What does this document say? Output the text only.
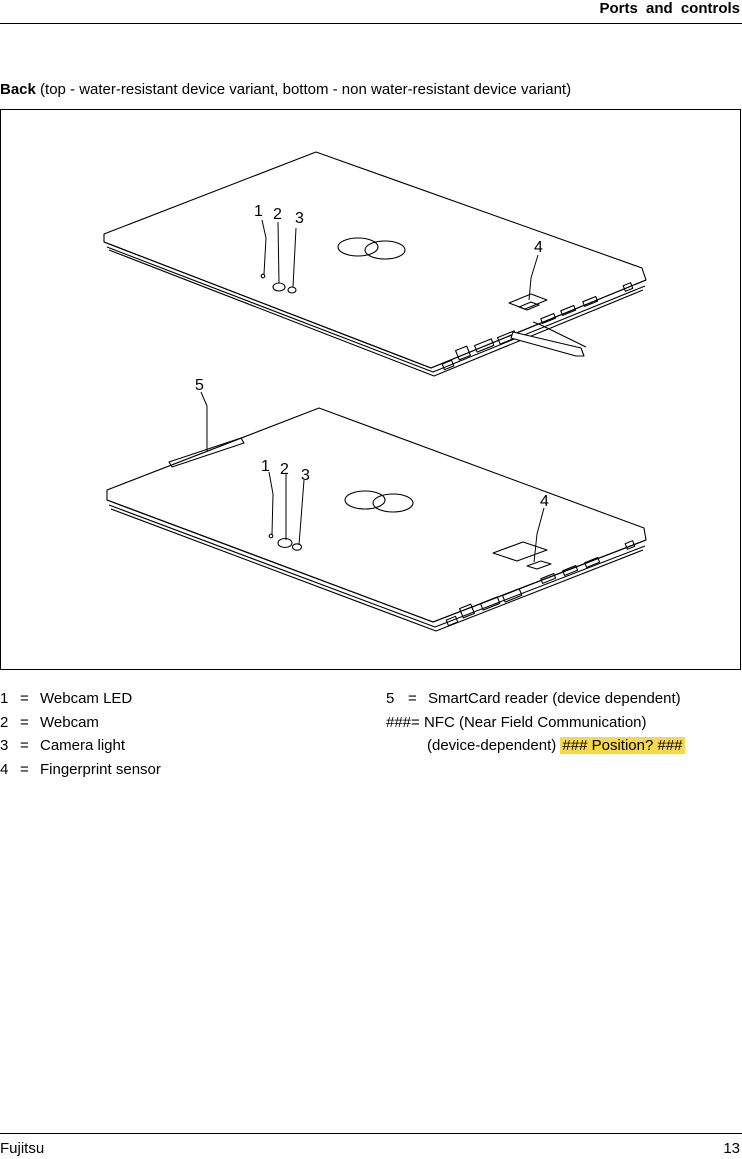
Ports and controls
Back (top - water-resistant device variant, bottom - non water-resistant device variant)
1 2 3
4
5
1 2 3
4
1 = Webcam LED
2 = Webcam
3 = Camera light
4 = Fingerprint sensor
5 = SmartCard reader (device dependent)
### =
NFC (Near Field Communication)
(device-dependent) ### Position? ###
Fujitsu	13
